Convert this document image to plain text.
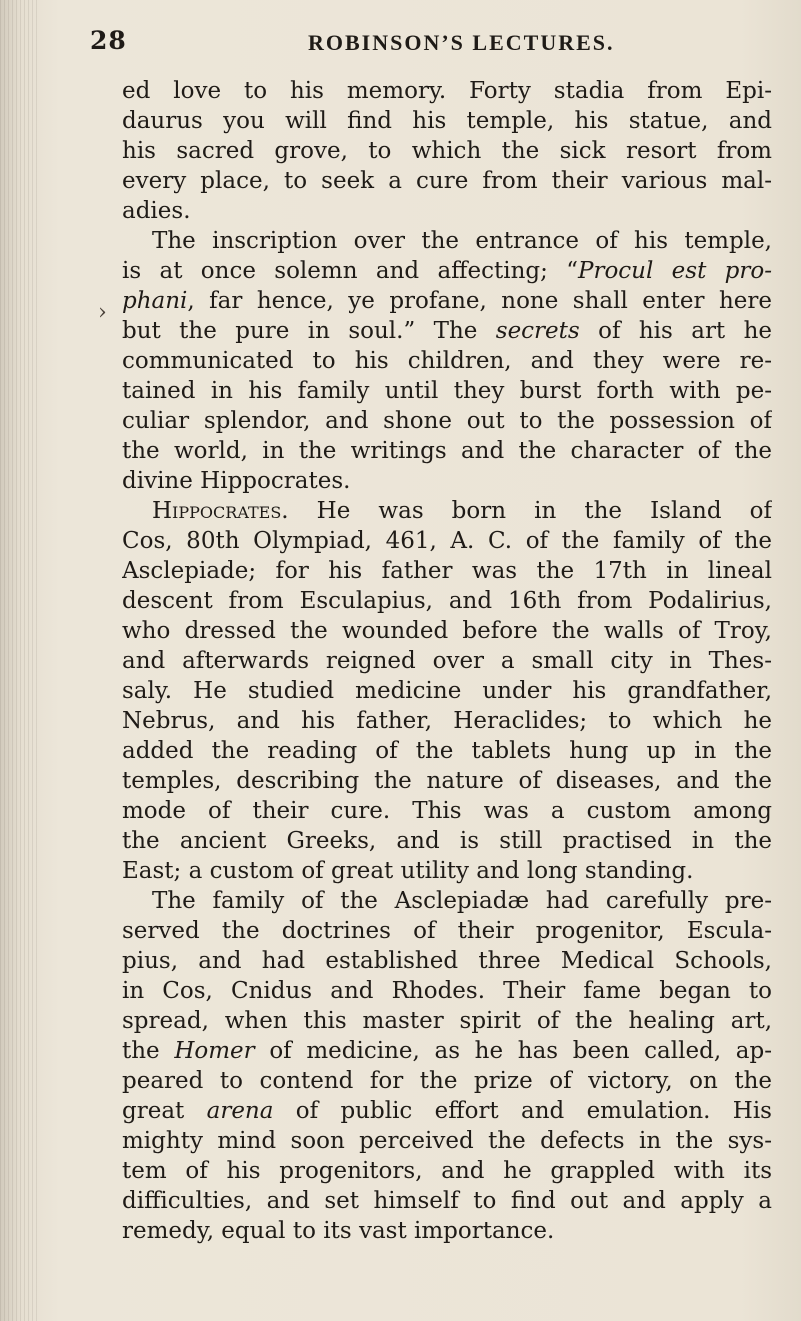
28	ROBINSON’S LECTURES.
ed love to his memory. Forty stadia from Epi-
daurus you will find his temple, his statue, and
his sacred grove, to which the sick resort from
every place, to seek a cure from their various mal-
adies.
The inscription over the entrance of his temple,
is at once solemn and affecting; “Procul est pro-
phani, far hence, ye profane, none shall enter here
but the pure in soul.” The secrets of his art he
communicated to his children, and they were re-
tained in his family until they burst forth with pe-
culiar splendor, and shone out to the possession of
the world, in the writings and the character of the
divine Hippocrates.
Hippocrates. He was born in the Island of
Cos, 80th Olympiad, 461, A. C. of the family of the
Asclepiade; for his father was the 17th in lineal
descent from Esculapius, and 16th from Podalirius,
who dressed the wounded before the walls of Troy,
and afterwards reigned over a small city in Thes-
saly. He studied medicine under his grandfather,
Nebrus, and his father, Heraclides; to which he
added the reading of the tablets hung up in the
temples, describing the nature of diseases, and the
mode of their cure. This was a custom among
the ancient Greeks, and is still practised in the
East; a custom of great utility and long standing.
The family of the Asclepiadæ had carefully pre-
served the doctrines of their progenitor, Escula-
pius, and had established three Medical Schools,
in Cos, Cnidus and Rhodes. Their fame began to
spread, when this master spirit of the healing art,
the Homer of medicine, as he has been called, ap-
peared to contend for the prize of victory, on the
great arena of public effort and emulation. His
mighty mind soon perceived the defects in the sys-
tem of his progenitors, and he grappled with its
difficulties, and set himself to find out and apply a
remedy, equal to its vast importance.
›
